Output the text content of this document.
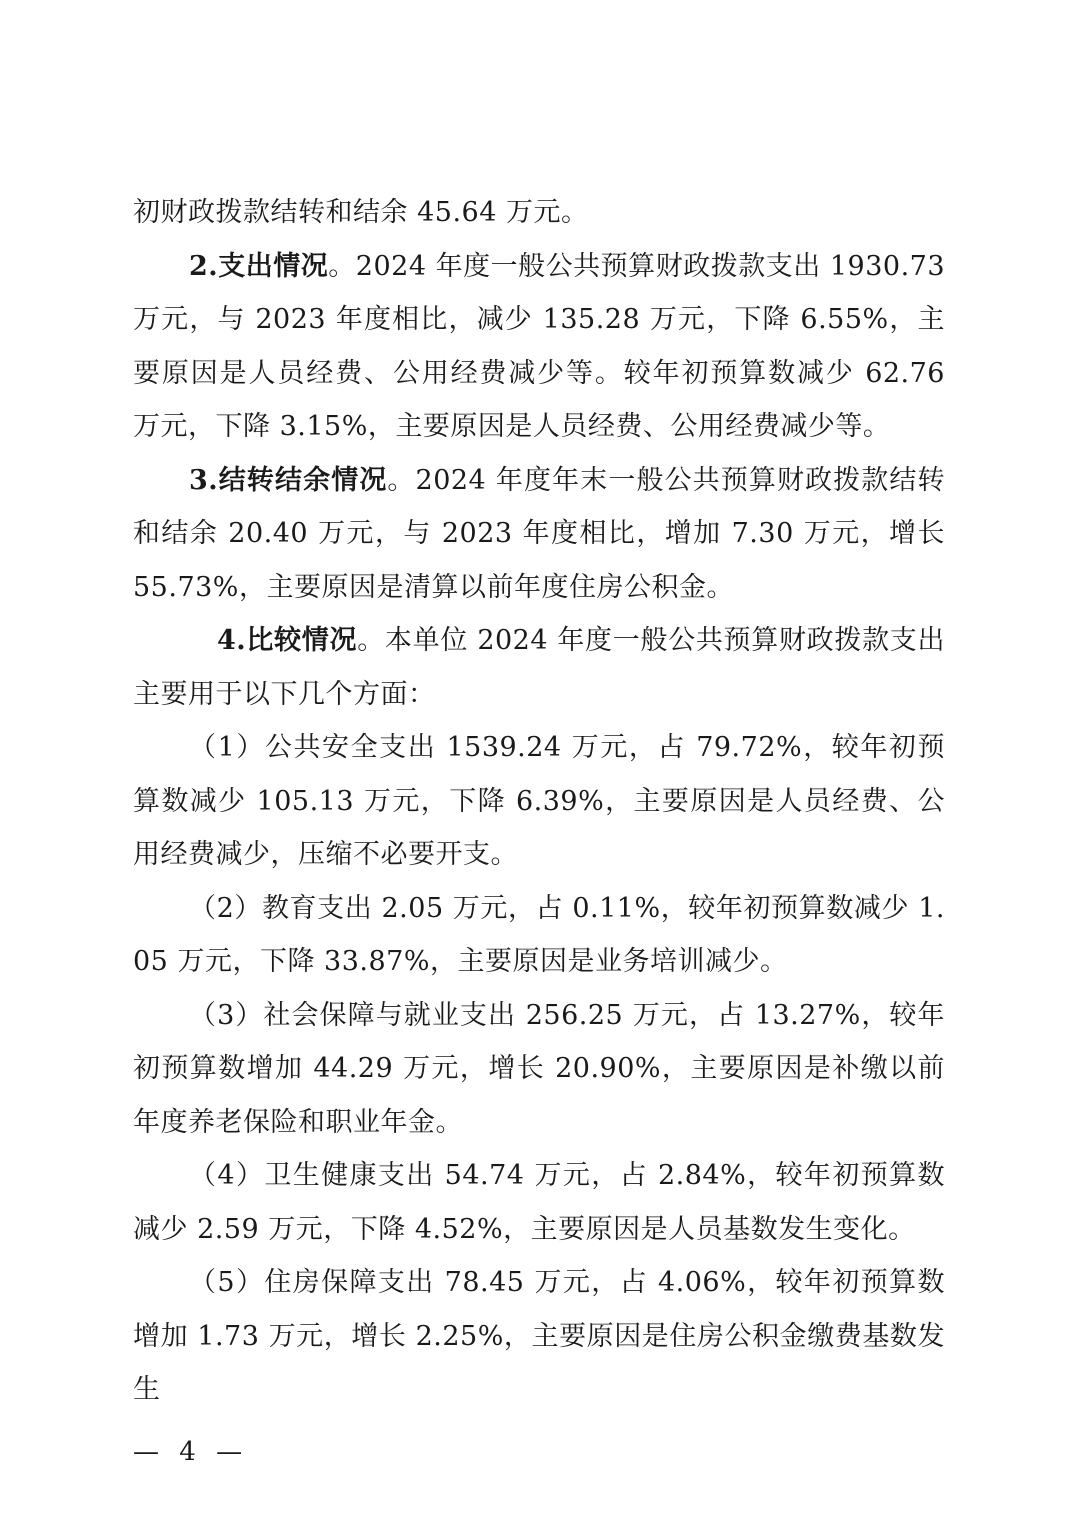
初财政拨款结转和结余 45.64 万元。

2.支出情况。2024 年度一般公共预算财政拨款支出 1930.73 万元，与 2023 年度相比，减少 135.28 万元，下降 6.55%，主要原因是人员经费、公用经费减少等。较年初预算数减少 62.76 万元，下降 3.15%，主要原因是人员经费、公用经费减少等。

3.结转结余情况。2024 年度年末一般公共预算财政拨款结转和结余 20.40 万元，与 2023 年度相比，增加 7.30 万元，增长 55.73%，主要原因是清算以前年度住房公积金。

4.比较情况。本单位 2024 年度一般公共预算财政拨款支出主要用于以下几个方面：

（1）公共安全支出 1539.24 万元，占 79.72%，较年初预算数减少 105.13 万元，下降 6.39%，主要原因是人员经费、公用经费减少，压缩不必要开支。

（2）教育支出 2.05 万元，占 0.11%，较年初预算数减少 1.05 万元，下降 33.87%，主要原因是业务培训减少。

（3）社会保障与就业支出 256.25 万元，占 13.27%，较年初预算数增加 44.29 万元，增长 20.90%，主要原因是补缴以前年度养老保险和职业年金。

（4）卫生健康支出 54.74 万元，占 2.84%，较年初预算数减少 2.59 万元，下降 4.52%，主要原因是人员基数发生变化。

（5）住房保障支出 78.45 万元，占 4.06%，较年初预算数增加 1.73 万元，增长 2.25%，主要原因是住房公积金缴费基数发生

— 4 —
